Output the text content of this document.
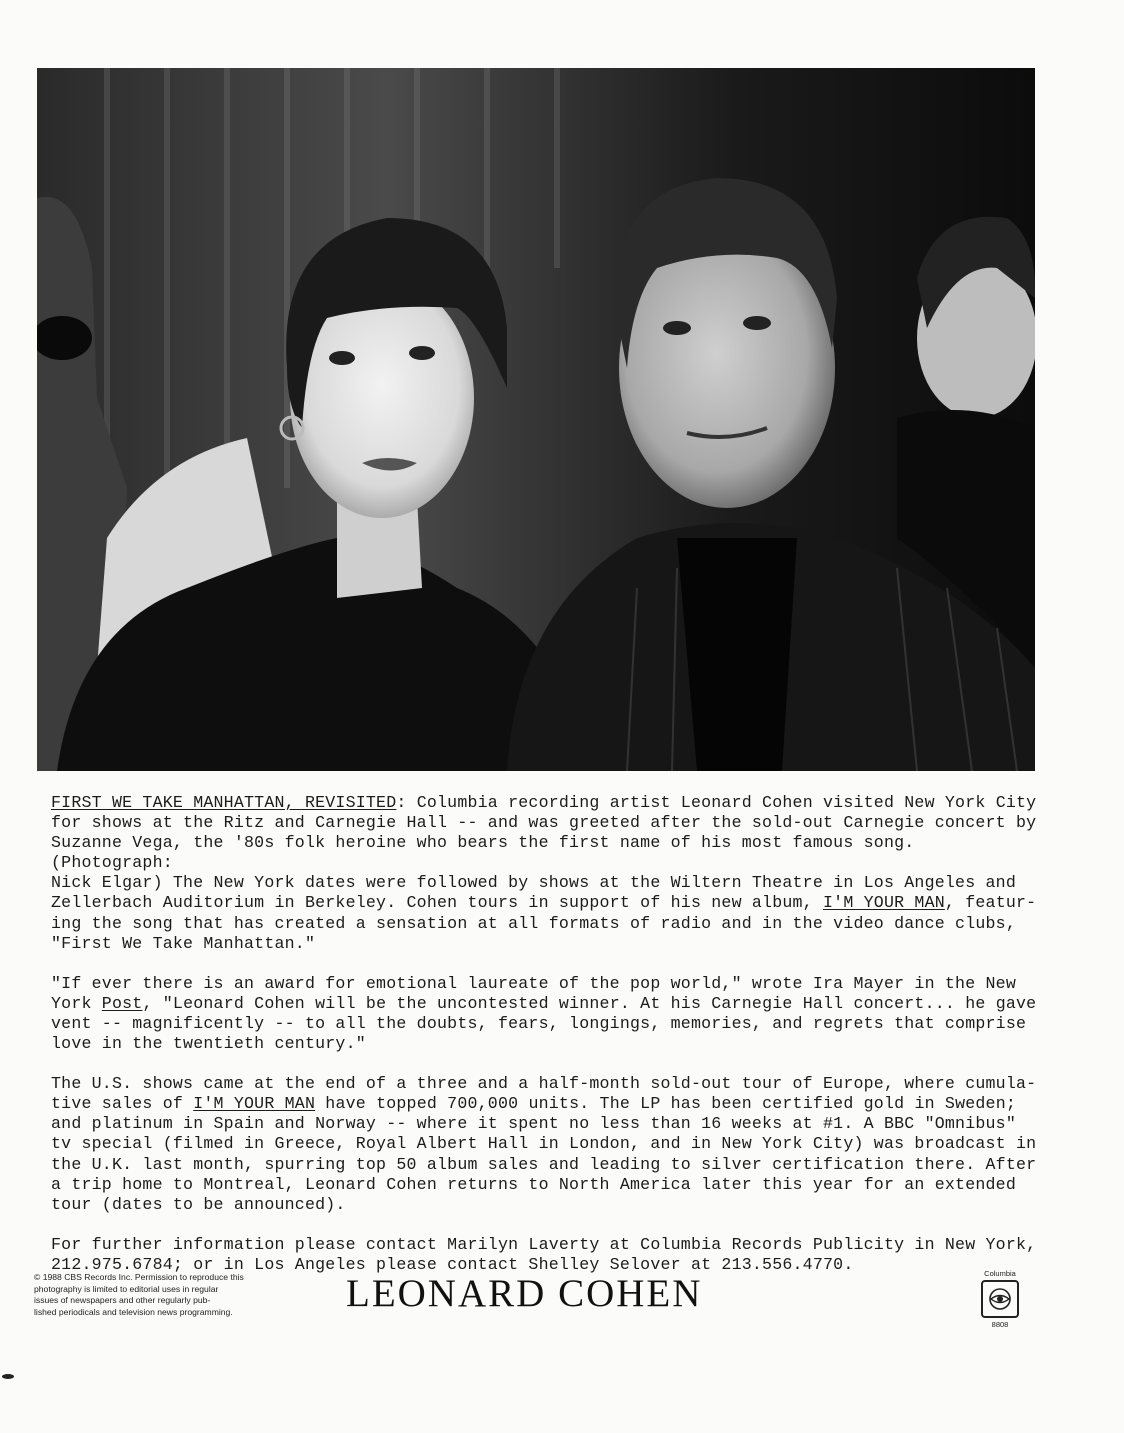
FIRST WE TAKE MANHATTAN, REVISITED: Columbia recording artist Leonard Cohen visited New York City
for shows at the Ritz and Carnegie Hall -- and was greeted after the sold-out Carnegie concert by
Suzanne Vega, the '80s folk heroine who bears the first name of his most famous song. (Photograph:
Nick Elgar) The New York dates were followed by shows at the Wiltern Theatre in Los Angeles and
Zellerbach Auditorium in Berkeley. Cohen tours in support of his new album, I'M YOUR MAN, featur-
ing the song that has created a sensation at all formats of radio and in the video dance clubs,
"First We Take Manhattan."

"If ever there is an award for emotional laureate of the pop world," wrote Ira Mayer in the New
York Post, "Leonard Cohen will be the uncontested winner. At his Carnegie Hall concert... he gave
vent -- magnificently -- to all the doubts, fears, longings, memories, and regrets that comprise
love in the twentieth century."

The U.S. shows came at the end of a three and a half-month sold-out tour of Europe, where cumula-
tive sales of I'M YOUR MAN have topped 700,000 units. The LP has been certified gold in Sweden;
and platinum in Spain and Norway -- where it spent no less than 16 weeks at #1. A BBC "Omnibus"
tv special (filmed in Greece, Royal Albert Hall in London, and in New York City) was broadcast in
the U.K. last month, spurring top 50 album sales and leading to silver certification there. After
a trip home to Montreal, Leonard Cohen returns to North America later this year for an extended
tour (dates to be announced).

For further information please contact Marilyn Laverty at Columbia Records Publicity in New York,
212.975.6784; or in Los Angeles please contact Shelley Selover at 213.556.4770.

© 1988 CBS Records Inc. Permission to reproduce this
photography is limited to editorial uses in regular
issues of newspapers and other regularly pub-
lished periodicals and television news programming.	LEONARD COHEN	Columbia
8808
